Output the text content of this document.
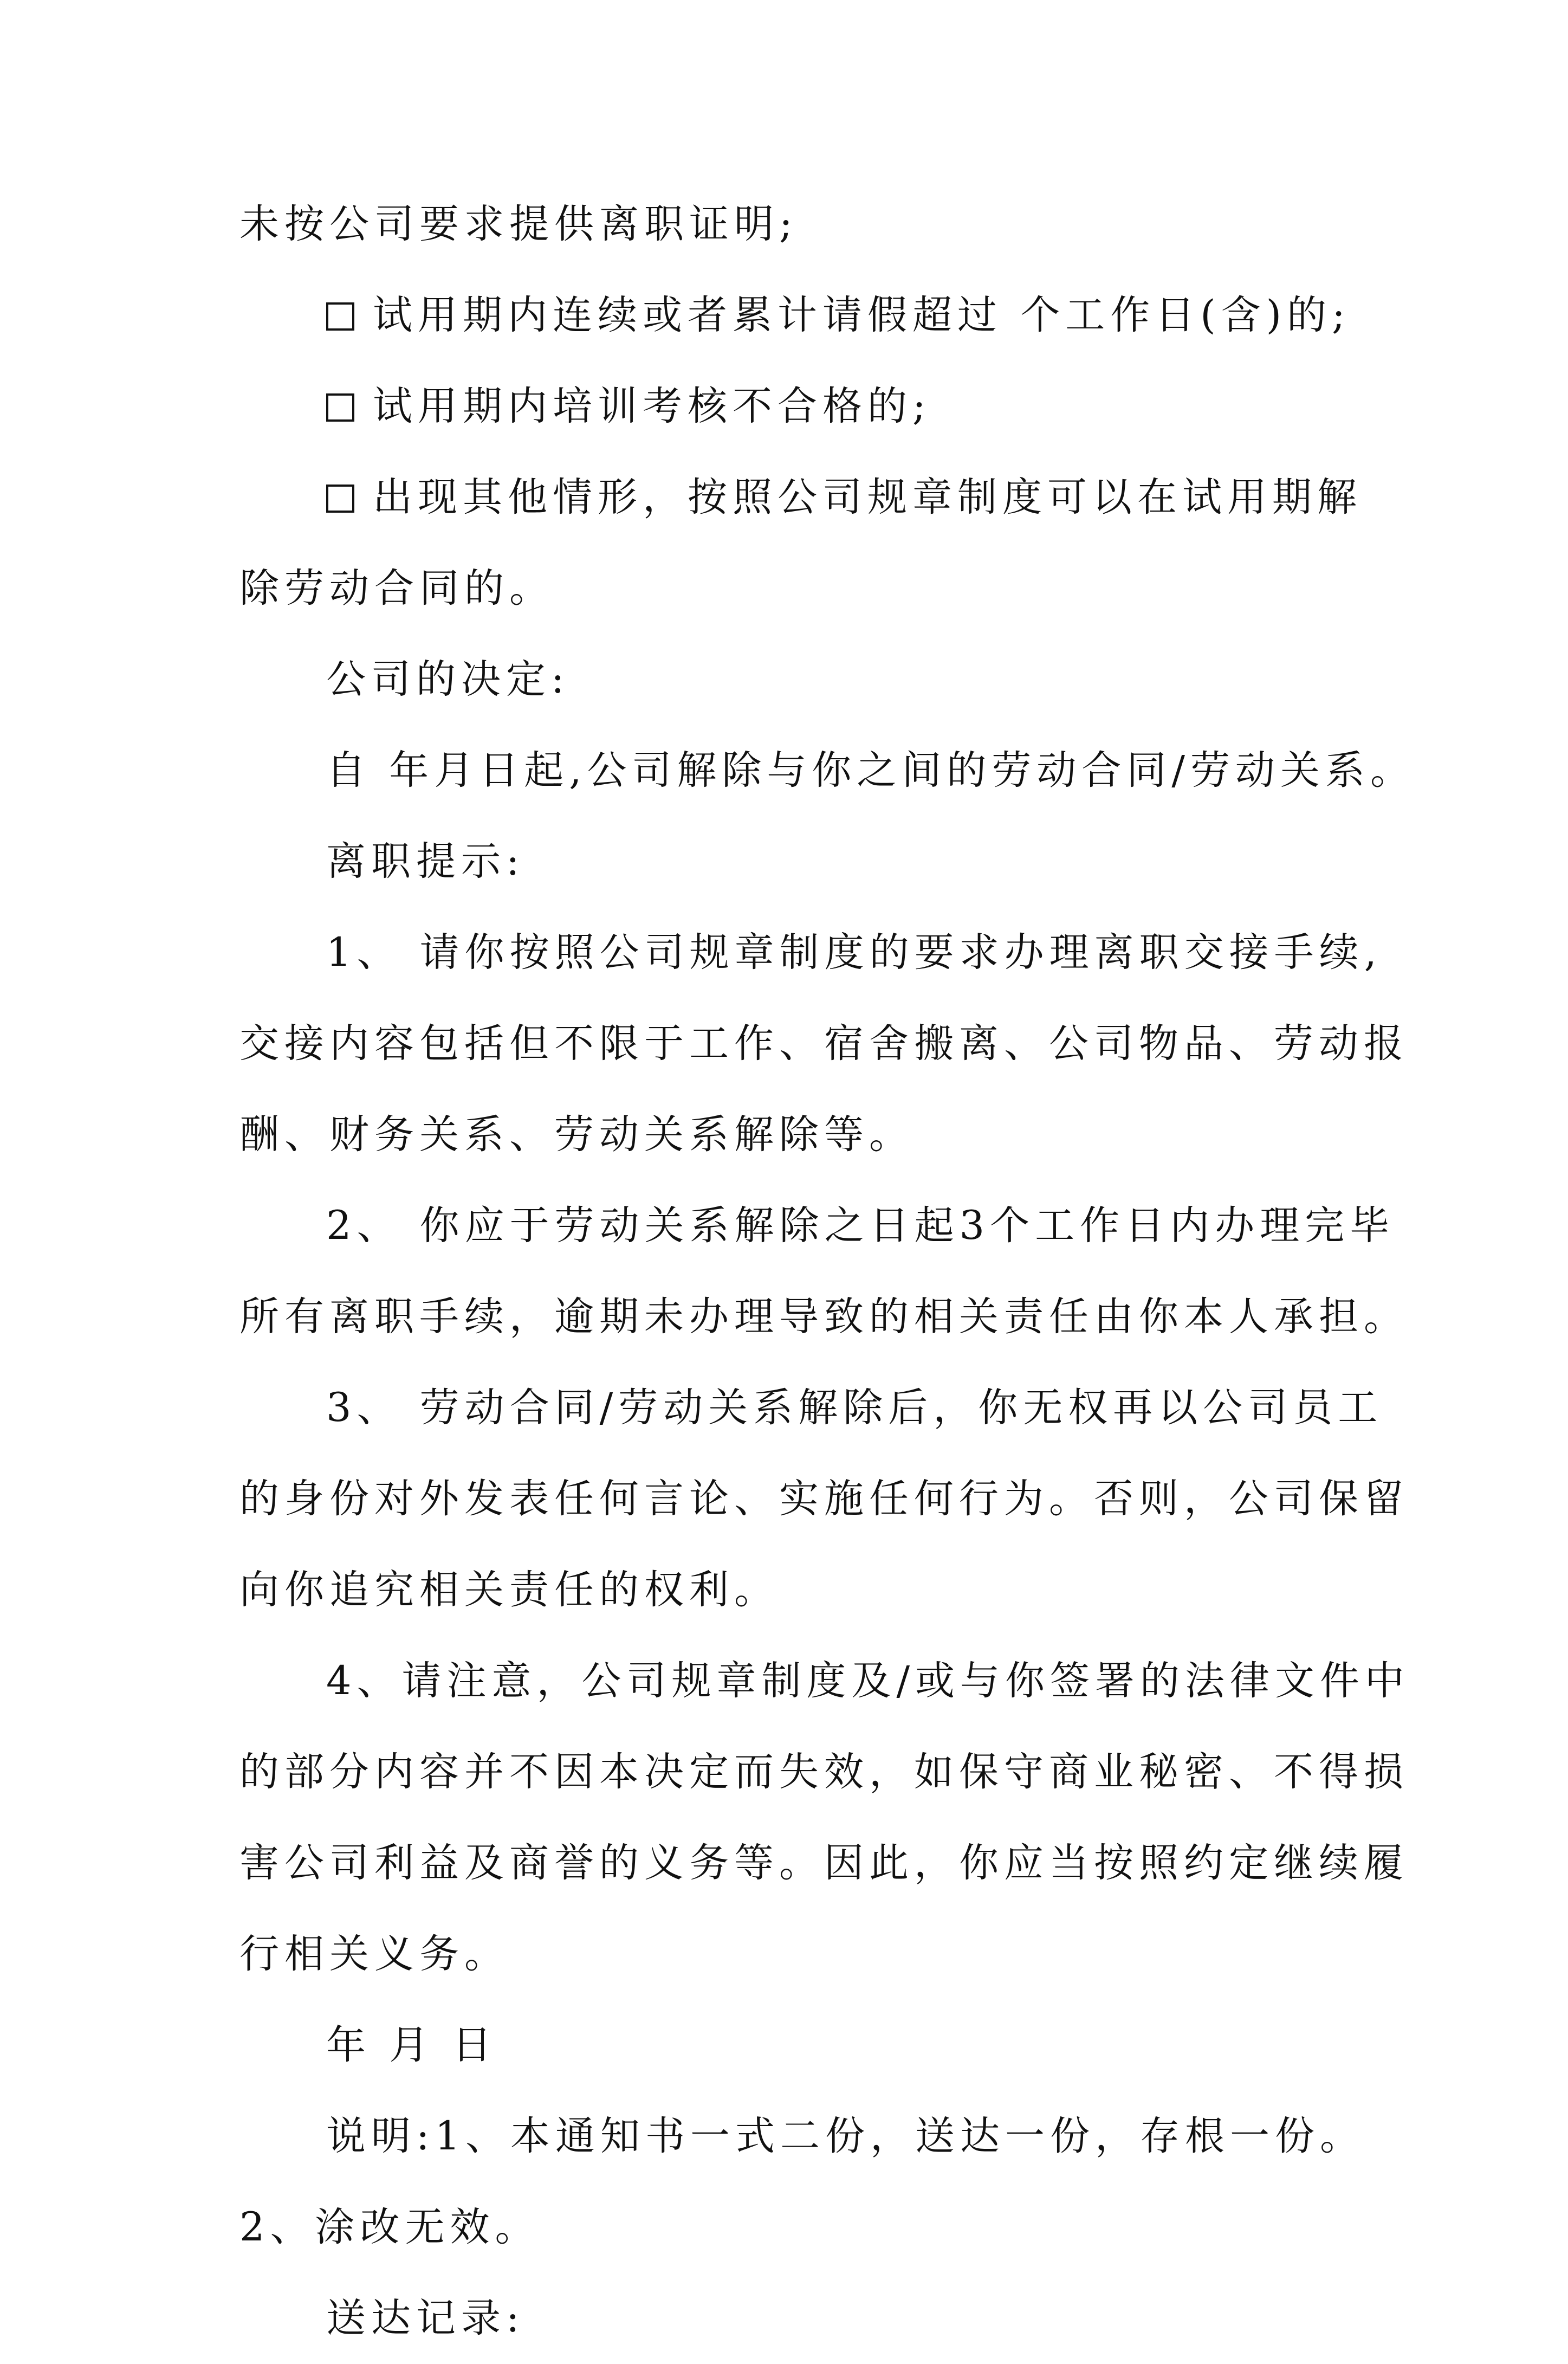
未按公司要求提供离职证明;
试用期内连续或者累计请假超过 个工作日(含)的;
试用期内培训考核不合格的;
出现其他情形，按照公司规章制度可以在试用期解
除劳动合同的。
公司的决定:
自 年月日起,公司解除与你之间的劳动合同/劳动关系。
离职提示:
1、 请你按照公司规章制度的要求办理离职交接手续,
交接内容包括但不限于工作、宿舍搬离、公司物品、劳动报
酬、财务关系、劳动关系解除等。
2、 你应于劳动关系解除之日起3个工作日内办理完毕
所有离职手续，逾期未办理导致的相关责任由你本人承担。
3、 劳动合同/劳动关系解除后，你无权再以公司员工
的身份对外发表任何言论、实施任何行为。否则，公司保留
向你追究相关责任的权利。
4、请注意，公司规章制度及/或与你签署的法律文件中
的部分内容并不因本决定而失效，如保守商业秘密、不得损
害公司利益及商誉的义务等。因此，你应当按照约定继续履
行相关义务。
年 月 日
说明:1、本通知书一式二份，送达一份，存根一份。
2、涂改无效。
送达记录:
